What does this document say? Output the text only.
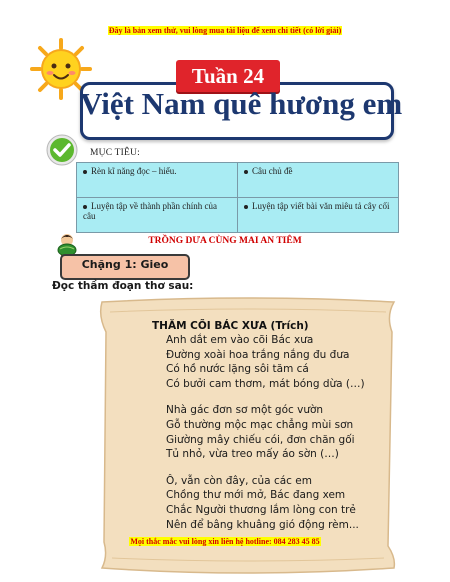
Đây là bản xem thử, vui lòng mua tài liệu để xem chi tiết (có lời giải)
Tuần 24
Việt Nam quê hương em
MỤC TIÊU:
Rèn kĩ năng đọc – hiểu.	Câu chủ đề
Luyện tập về thành phần chính của câu	Luyện tập viết bài văn miêu tả cây cối
TRỒNG DƯA CÙNG MAI AN TIÊM
Chặng 1: Gieo
Đọc thầm đoạn thơ sau:
THĂM CÕI BÁC XƯA (Trích)
Anh dắt em vào cõi Bác xưa
Đường xoài hoa trắng nắng đu đưa
Có hồ nước lặng sôi tăm cá
Có bưởi cam thơm, mát bóng dừa (…)
Nhà gác đơn sơ một góc vườn
Gỗ thường mộc mạc chẳng mùi sơn
Giường mây chiếu cói, đơn chăn gối
Tủ nhỏ, vừa treo mấy áo sờn (…)
Ô, vẫn còn đây, của các em
Chồng thư mới mở, Bác đang xem
Chắc Người thương lắm lòng con trẻ
Nên để bâng khuâng gió động rèm...
Mọi thắc mắc vui lòng xin liên hệ hotline: 084 283 45 85
